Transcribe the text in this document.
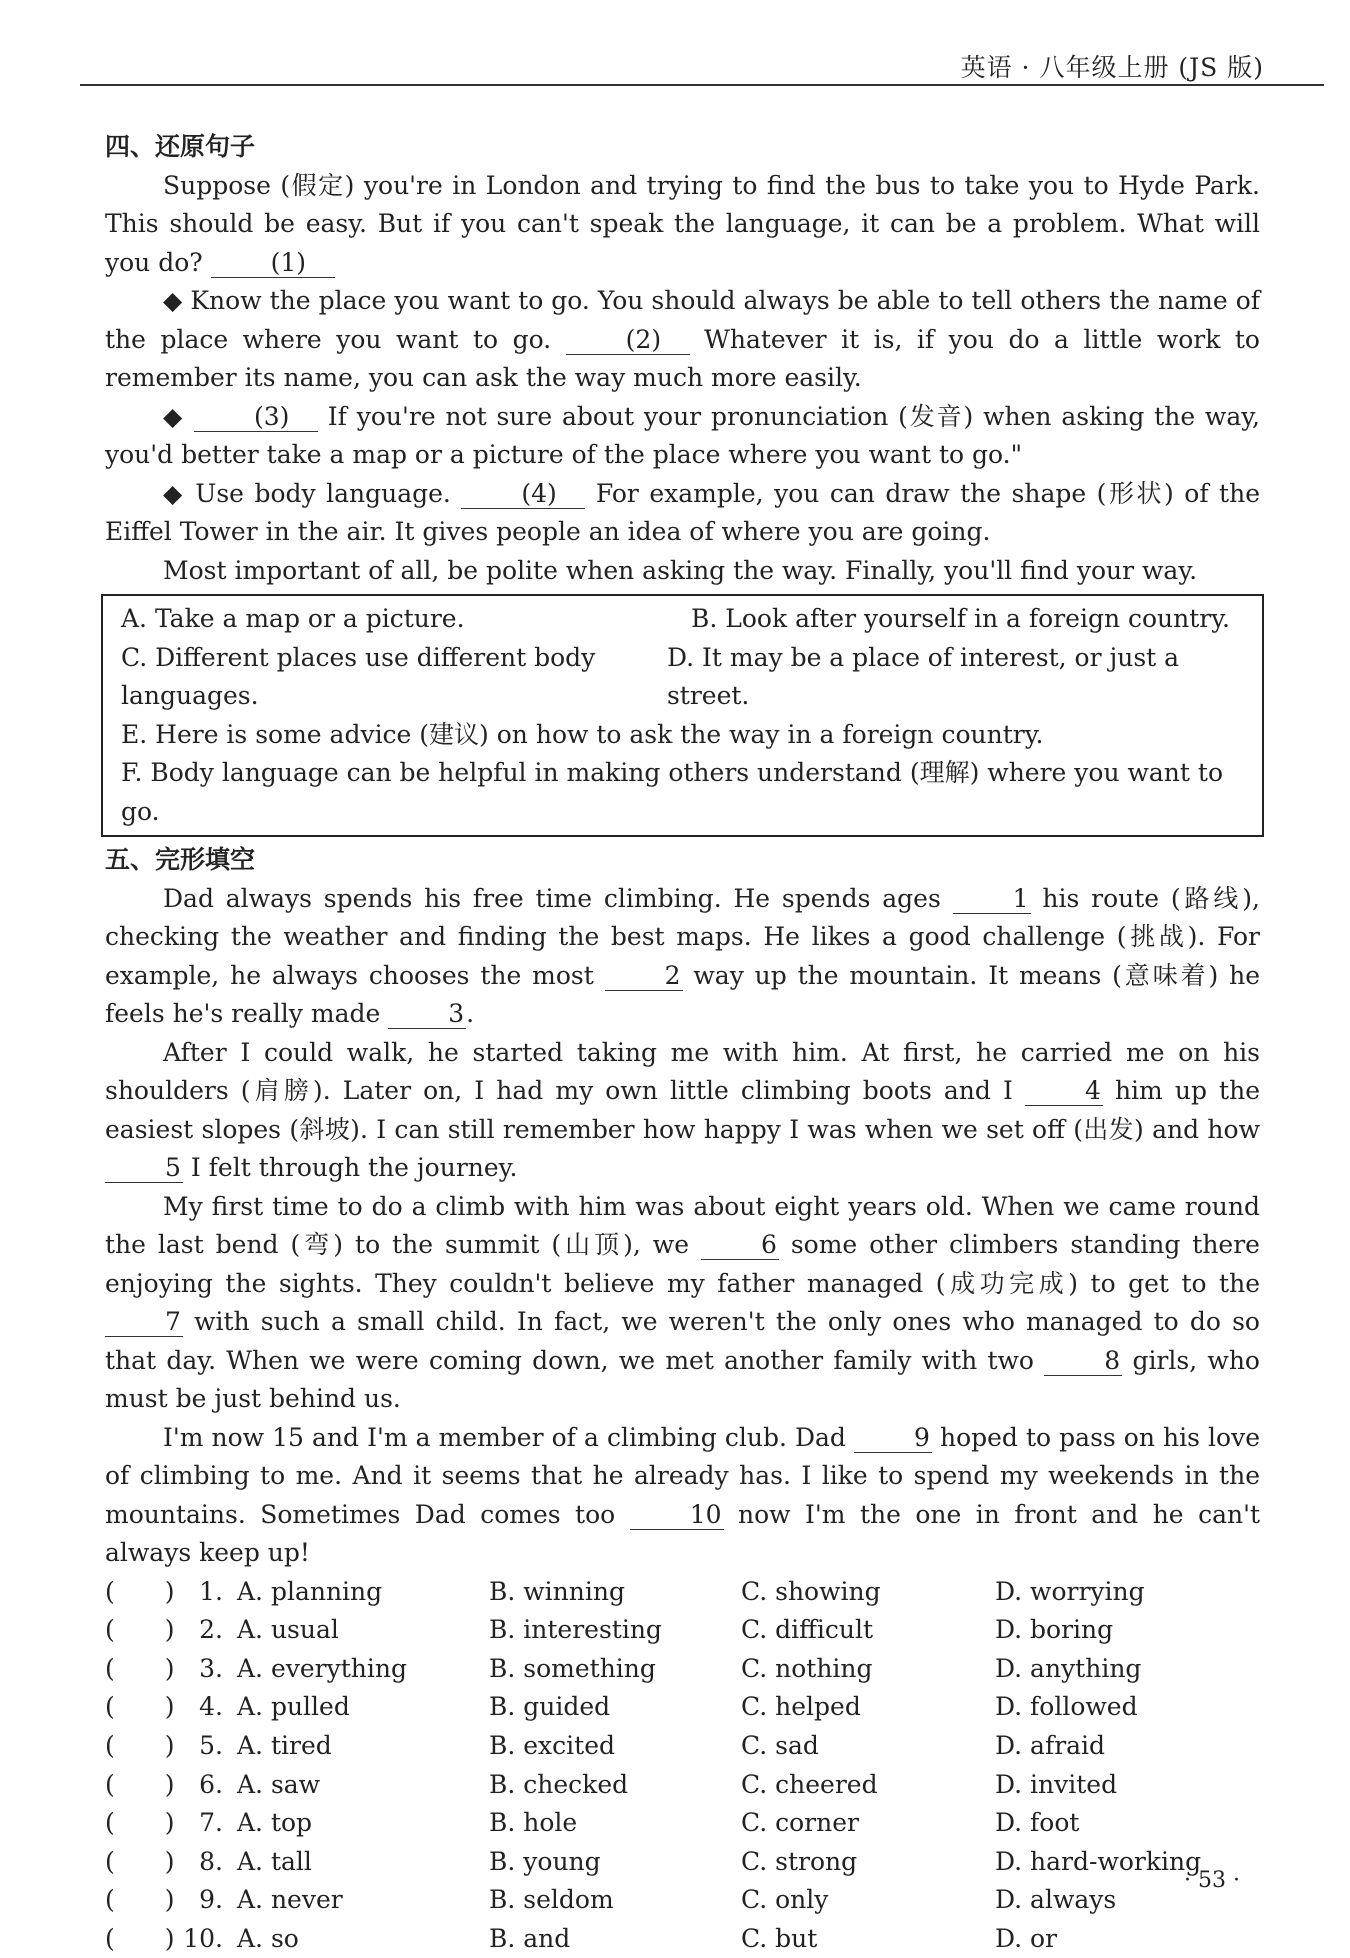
英语 · 八年级上册 (JS 版)
四、还原句子

Suppose (假定) you're in London and trying to find the bus to take you to Hyde Park. This should be easy. But if you can't speak the language, it can be a problem. What will you do?	(1)

◆ Know the place you want to go. You should always be able to tell others the name of the place where you want to go.	(2) Whatever it is, if you do a little work to remember its name, you can ask the way much more easily.

◆	(3) If you're not sure about your pronunciation (发音) when asking the way, you'd better take a map or a picture of the place where you want to go."

◆ Use body language.	(4) For example, you can draw the shape (形状) of the Eiffel Tower in the air. It gives people an idea of where you are going.

Most important of all, be polite when asking the way. Finally, you'll find your way.

A. Take a map or a picture.	B. Look after yourself in a foreign country.
C. Different places use different body languages.
D. It may be a place of interest, or just a street.
E. Here is some advice (建议) on how to ask the way in a foreign country.
F. Body language can be helpful in making others understand (理解) where you want to go.
五、完形填空

Dad always spends his free time climbing. He spends ages	1 his route (路线), checking the weather and finding the best maps. He likes a good challenge (挑战). For example, he always chooses the most	2 way up the mountain. It means (意味着) he feels he's really made	3.

After I could walk, he started taking me with him. At first, he carried me on his shoulders (肩膀). Later on, I had my own little climbing boots and I	4 him up the easiest slopes (斜坡). I can still remember how happy I was when we set off (出发) and how 5 I felt through the journey.

My first time to do a climb with him was about eight years old. When we came round the last bend (弯) to the summit (山顶), we	6 some other climbers standing there enjoying the sights. They couldn't believe my father managed (成功完成) to get to the 7 with such a small child. In fact, we weren't the only ones who managed to do so that day. When we were coming down, we met another family with two	8 girls, who must be just behind us.

I'm now 15 and I'm a member of a climbing club. Dad	9 hoped to pass on his love of climbing to me. And it seems that he already has. I like to spend my weekends in the mountains. Sometimes Dad comes too	10 now I'm the one in front and he can't always keep up!

(　　) 1. A. planning	B. winning	C. showing	D. worrying
(　　) 2. A. usual	B. interesting	C. difficult	D. boring
(　　) 3. A. everything	B. something	C. nothing	D. anything
(　　) 4. A. pulled	B. guided	C. helped	D. followed
(　　) 5. A. tired	B. excited	C. sad	D. afraid
(　　) 6. A. saw	B. checked	C. cheered	D. invited
(　　) 7. A. top	B. hole	C. corner	D. foot
(　　) 8. A. tall	B. young	C. strong	D. hard-working
(　　) 9. A. never	B. seldom	C. only	D. always
(　　) 10. A. so	B. and	C. but	D. or
· 53 ·
